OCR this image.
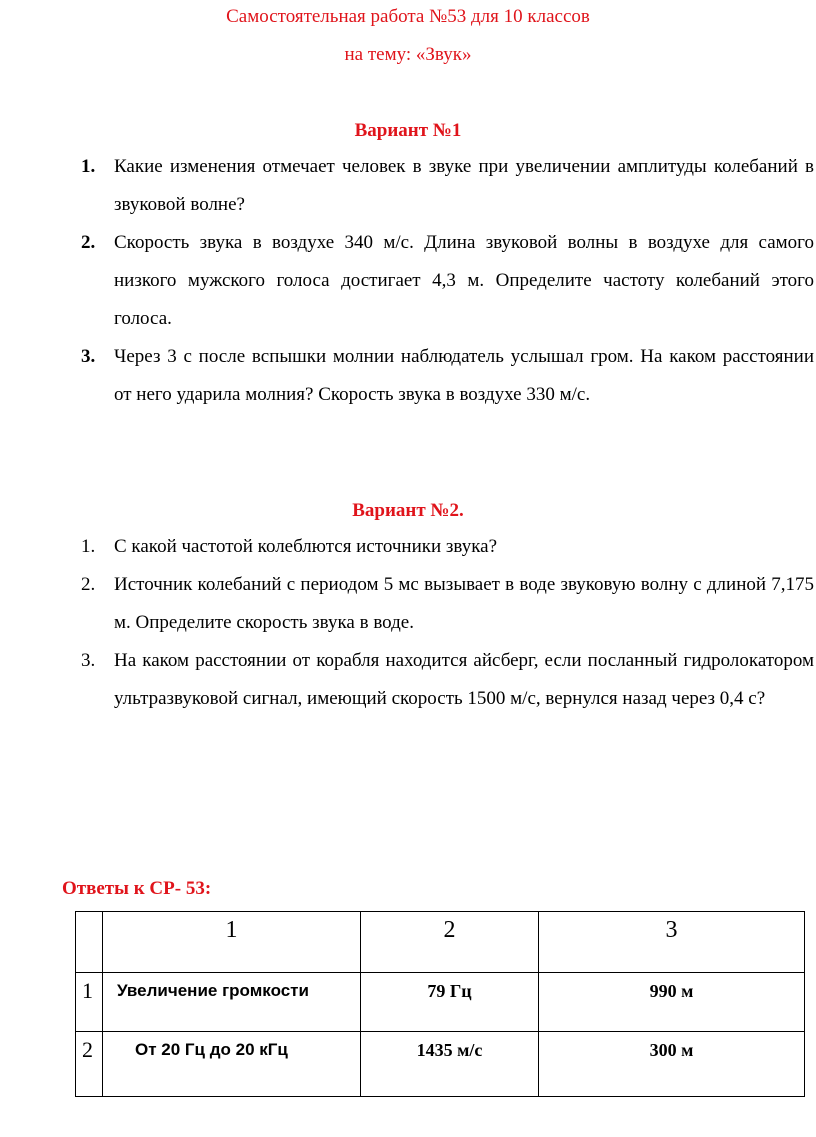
Самостоятельная работа №53 для 10 классов
на тему: «Звук»
Вариант №1
1. Какие изменения отмечает человек в звуке при увеличении амплитуды колебаний в звуковой волне?
2. Скорость звука в воздухе 340 м/с. Длина звуковой волны в воздухе для самого низкого мужского голоса достигает 4,3 м. Определите частоту колебаний этого голоса.
3. Через 3 с после вспышки молнии наблюдатель услышал гром. На каком расстоянии от него ударила молния? Скорость звука в воздухе 330 м/с.
Вариант №2.
1. С какой частотой колеблются источники звука?
2. Источник колебаний с периодом 5 мс вызывает в воде звуковую волну с длиной 7,175 м. Определите скорость звука в воде.
3. На каком расстоянии от корабля находится айсберг, если посланный гидролокатором ультразвуковой сигнал, имеющий скорость 1500 м/с, вернулся назад через 0,4 с?
Ответы к СР- 53:
	1	2	3
1	Увеличение громкости	79 Гц	990 м

2	От 20 Гц до 20 кГц	1435 м/с	300 м
